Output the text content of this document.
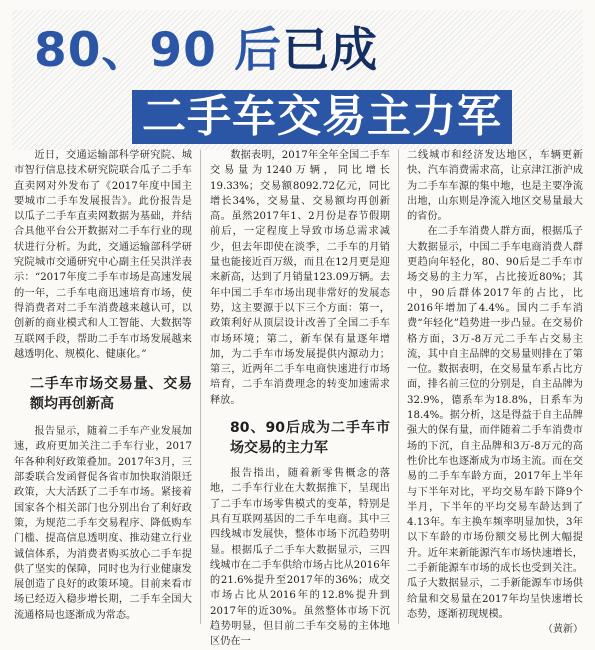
80、90 后已成
二手车交易主力军

近日，交通运输部科学研究院、城市智行信息技术研究院联合瓜子二手车直卖网对外发布了《2017年度中国主要城市二手车发展报告》。此份报告是以瓜子二手车直卖网数据为基础，并结合具他平台公开数据对二手车行业的现状进行分析。为此，交通运输部科学研究院城市交通研究中心副主任吴洪洋表示：“2017年度二手车市场是高速发展的一年，二手车电商迅速培育市场，使得消费者对二手车消费越来越认可，以创新的商业模式和人工智能、大数据等互联网手段，帮助二手车市场发展越来越透明化、规模化、健康化。”

二手车市场交易量、交易额均再创新高

报告显示，随着二手车产业发展加速，政府更加关注二手车行业，2017年各种利好政策叠加。2017年3月，三部委联合发函督促各省市加快取消限迁政策，大大活跃了二手车市场。紧接着国家各个相关部门也分别出台了利好政策，为规范二手车交易程序、降低购车门槛、提高信息透明度、推动建立行业诚信体系，为消费者购买放心二手车提供了坚实的保障，同时也为行业健康发展创造了良好的政策环境。目前来看市场已经迈入稳步增长期，二手车全国大流通格局也逐渐成为常态。

数据表明，2017年全年全国二手车交易量为1240万辆，同比增长19.33%；交易额8092.72亿元，同比增长34%，交易量、交易额均再创新高。虽然2017年1、2月份是春节假期前后，一定程度上导致市场总需求减少，但去年即使在淡季，二手车的月销量也能接近百万级，而且在12月更是迎来新高，达到了月销量123.09万辆。去年中国二手车市场出现非常好的发展态势，这主要源于以下三个方面：第一，政策利好从顶层设计改善了全国二手车市场环境；第二，新车保有量逐年增加，为二手车市场发展提供内源动力；第三，近两年二手车电商快速进行市场培育，二手车消费理念的转变加速需求释放。

80、90后成为二手车市场交易的主力军

报告指出，随着新零售概念的落地，二手车行业在大数据推下，呈现出了二手车市场零售模式的变革，特别是具有互联网基因的二手车电商。其中三四线城市发展快，整体市场下沉趋势明显。根据瓜子二手车大数据显示，三四线城市在二手车供给市场占比从2016年的21.6%提升至2017年的36%；成交市场占比从2016年的12.8%提升到2017年的近30%。虽然整体市场下沉趋势明显，但目前二手车交易的主体地区仍在一

二线城市和经济发达地区，车辆更新快、汽车消费需求高，让京津江浙沪成为二手车车源的集中地，也是主要净流出地，山东则是净流入地区交易量最大的省份。

在二手车消费人群方面，根据瓜子大数据显示，中国二手车电商消费人群更趋向年轻化，80、90后是二手车市场交易的主力军，占比接近80%；其中，90后群体2017年的占比，比2016年增加了4.4%。国内二手车消费“年轻化”趋势进一步凸显。在交易价格方面，3万-8万元二手车占交易主流，其中自主品牌的交易量则排在了第一位。数据表明，在交易量车系占比方面，排名前三位的分别是，自主品牌为32.9%，德系车为18.8%，日系车为18.4%。据分析，这是得益于自主品牌强大的保有量，而伴随着二手车消费市场的下沉，自主品牌和3万-8万元的高性价比车也逐渐成为市场主流。而在交易的二手车车龄方面，2017年上半年与下半年对比，平均交易车龄下降9个半月，下半年的平均交易车龄达到了4.13年。车主换车频率明显加快，3年以下车龄的市场份额交易比例大幅提升。近年来新能源汽车市场快速增长，二手新能源车市场的成长也受到关注。瓜子大数据显示，二手新能源车市场供给量和交易量在2017年均呈快速增长态势，逐渐初现规模。

（黄新）
